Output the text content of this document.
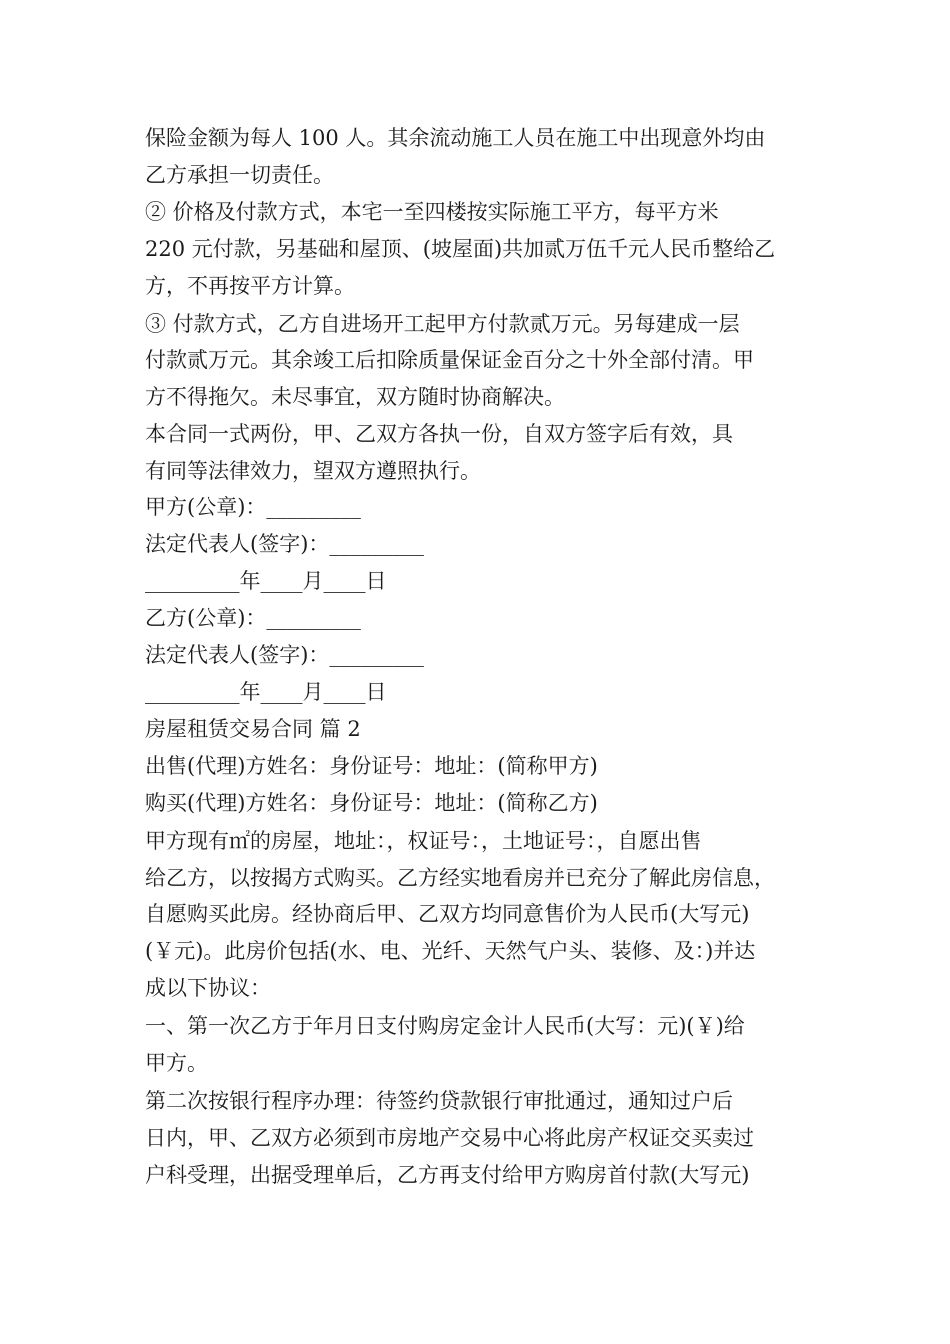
保险金额为每人 100 人。其余流动施工人员在施工中出现意外均由
乙方承担一切责任。
② 价格及付款方式，本宅一至四楼按实际施工平方，每平方米
220 元付款，另基础和屋顶、(坡屋面)共加贰万伍千元人民币整给乙
方，不再按平方计算。
③ 付款方式，乙方自进场开工起甲方付款贰万元。另每建成一层
付款贰万元。其余竣工后扣除质量保证金百分之十外全部付清。甲
方不得拖欠。未尽事宜，双方随时协商解决。
本合同一式两份，甲、乙双方各执一份，自双方签字后有效，具
有同等法律效力，望双方遵照执行。
甲方(公章)：_________
法定代表人(签字)：_________
_________年____月____日
乙方(公章)：_________
法定代表人(签字)：_________
_________年____月____日
房屋租赁交易合同 篇 2
出售(代理)方姓名：身份证号：地址：(简称甲方)
购买(代理)方姓名：身份证号：地址：(简称乙方)
甲方现有㎡的房屋，地址：，权证号：，土地证号：，自愿出售
给乙方，以按揭方式购买。乙方经实地看房并已充分了解此房信息，
自愿购买此房。经协商后甲、乙双方均同意售价为人民币(大写元)
(￥元)。此房价包括(水、电、光纤、天然气户头、装修、及：)并达
成以下协议：
一、第一次乙方于年月日支付购房定金计人民币(大写：元)(￥)给
甲方。
第二次按银行程序办理：待签约贷款银行审批通过，通知过户后
日内，甲、乙双方必须到市房地产交易中心将此房产权证交买卖过
户科受理，出据受理单后，乙方再支付给甲方购房首付款(大写元)
